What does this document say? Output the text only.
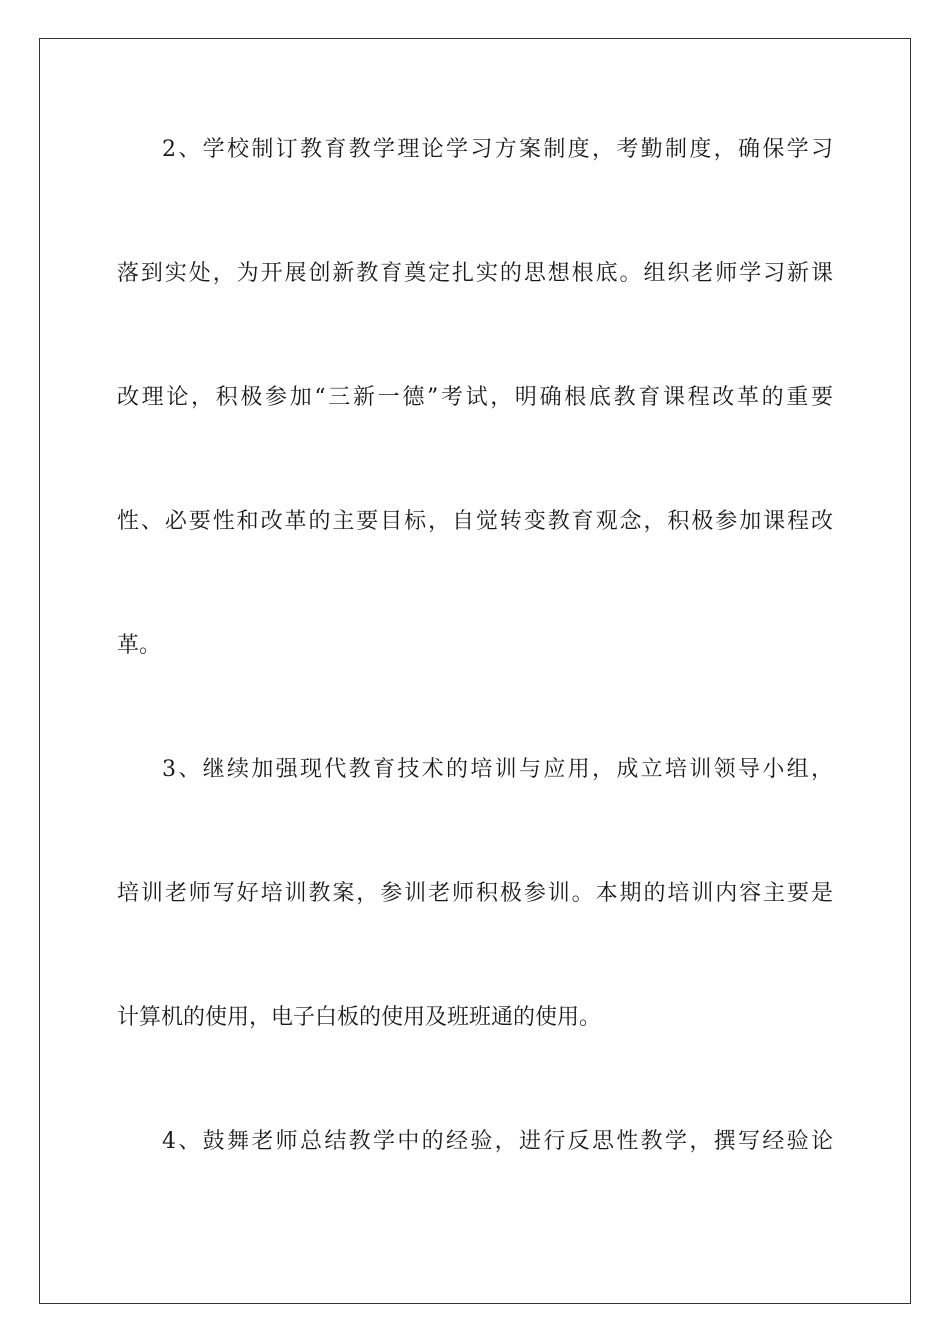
2、学校制订教育教学理论学习方案制度，考勤制度，确保学习
落到实处，为开展创新教育奠定扎实的思想根底。组织老师学习新课
改理论，积极参加“三新一德”考试，明确根底教育课程改革的重要
性、必要性和改革的主要目标，自觉转变教育观念，积极参加课程改
革。
3、继续加强现代教育技术的培训与应用，成立培训领导小组，
培训老师写好培训教案，参训老师积极参训。本期的培训内容主要是
计算机的使用，电子白板的使用及班班通的使用。
4、鼓舞老师总结教学中的经验，进行反思性教学，撰写经验论
